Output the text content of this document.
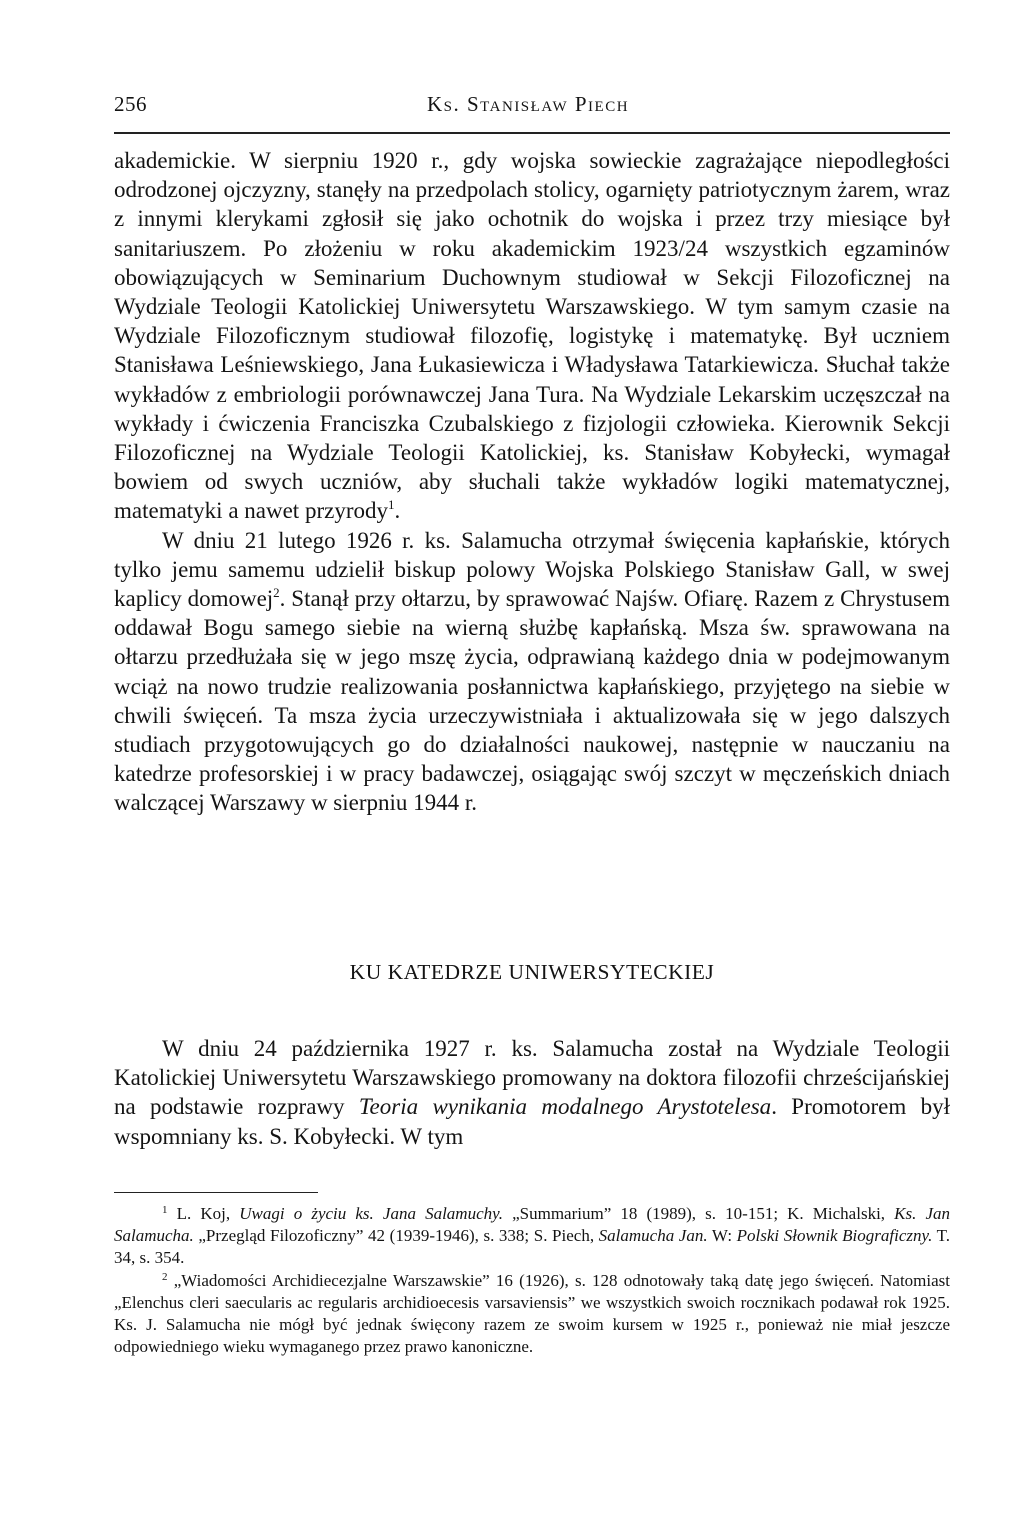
256	Ks. Stanisław Piech

akademickie. W sierpniu 1920 r., gdy wojska sowieckie zagrażające niepodległości odrodzonej ojczyzny, stanęły na przedpolach stolicy, ogarnięty patriotycznym żarem, wraz z innymi klerykami zgłosił się jako ochotnik do wojska i przez trzy miesiące był sanitariuszem. Po złożeniu w roku akademickim 1923/24 wszystkich egzaminów obowiązujących w Seminarium Duchownym studiował w Sekcji Filozoficznej na Wydziale Teologii Katolickiej Uniwersytetu Warszawskiego. W tym samym czasie na Wydziale Filozoficznym studiował filozofię, logistykę i matematykę. Był uczniem Stanisława Leśniewskiego, Jana Łukasiewicza i Władysława Tatarkiewicza. Słuchał także wykładów z embriologii porównawczej Jana Tura. Na Wydziale Lekarskim uczęszczał na wykłady i ćwiczenia Franciszka Czubalskiego z fizjologii człowieka. Kierownik Sekcji Filozoficznej na Wydziale Teologii Katolickiej, ks. Stanisław Kobyłecki, wymagał bowiem od swych uczniów, aby słuchali także wykładów logiki matematycznej, matematyki a nawet przyrody$^1$.

W dniu 21 lutego 1926 r. ks. Salamucha otrzymał święcenia kapłańskie, których tylko jemu samemu udzielił biskup polowy Wojska Polskiego Stanisław Gall, w swej kaplicy domowej$^2$. Stanął przy ołtarzu, by sprawować Najśw. Ofiarę. Razem z Chrystusem oddawał Bogu samego siebie na wierną służbę kapłańską. Msza św. sprawowana na ołtarzu przedłużała się w jego mszę życia, odprawianą każdego dnia w podejmowanym wciąż na nowo trudzie realizowania posłannictwa kapłańskiego, przyjętego na siebie w chwili święceń. Ta msza życia urzeczywistniała i aktualizowała się w jego dalszych studiach przygotowujących go do działalności naukowej, następnie w nauczaniu na katedrze profesorskiej i w pracy badawczej, osiągając swój szczyt w męczeńskich dniach walczącej Warszawy w sierpniu 1944 r.

KU KATEDRZE UNIWERSYTECKIEJ

W dniu 24 października 1927 r. ks. Salamucha został na Wydziale Teologii Katolickiej Uniwersytetu Warszawskiego promowany na doktora filozofii chrześcijańskiej na podstawie rozprawy Teoria wynikania modalnego Arystotelesa. Promotorem był wspomniany ks. S. Kobyłecki. W tym

$^1$ L. Koj, Uwagi o życiu ks. Jana Salamuchy. „Summarium” 18 (1989), s. 10-151; K. Michalski, Ks. Jan Salamucha. „Przegląd Filozoficzny” 42 (1939-1946), s. 338; S. Piech, Salamucha Jan. W: Polski Słownik Biograficzny. T. 34, s. 354.

$^2$ „Wiadomości Archidiecezjalne Warszawskie” 16 (1926), s. 128 odnotowały taką datę jego święceń. Natomiast „Elenchus cleri saecularis ac regularis archidioecesis varsaviensis” we wszystkich swoich rocznikach podawał rok 1925. Ks. J. Salamucha nie mógł być jednak święcony razem ze swoim kursem w 1925 r., ponieważ nie miał jeszcze odpowiedniego wieku wymaganego przez prawo kanoniczne.
